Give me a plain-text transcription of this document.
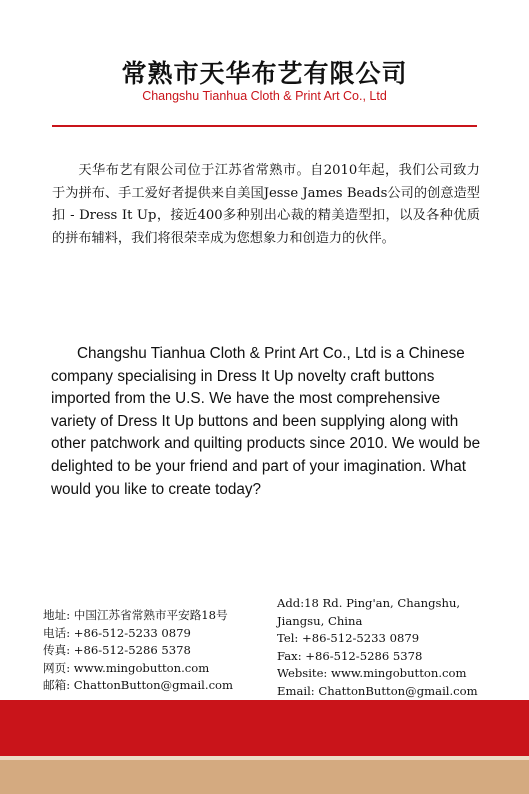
常熟市天华布艺有限公司
Changshu Tianhua Cloth & Print Art Co., Ltd

天华布艺有限公司位于江苏省常熟市。自2010年起，我们公司致力于为拼布、手工爱好者提供来自美国Jesse James Beads公司的创意造型扣 - Dress It Up，接近400多种别出心裁的精美造型扣，以及各种优质的拼布辅料，我们将很荣幸成为您想象力和创造力的伙伴。

Changshu Tianhua Cloth & Print Art Co., Ltd is a Chinese company specialising in Dress It Up novelty craft buttons imported from the U.S. We have the most comprehensive variety of Dress It Up buttons and been supplying along with other patchwork and quilting products since 2010. We would be delighted to be your friend and part of your imagination. What would you like to create today?

地址: 中国江苏省常熟市平安路18号
电话: +86-512-5233 0879
传真: +86-512-5286 5378
网页: www.mingobutton.com
邮箱: ChattonButton@gmail.com
Add:18 Rd. Ping'an, Changshu, Jiangsu, China
Tel: +86-512-5233 0879
Fax: +86-512-5286 5378
Website: www.mingobutton.com
Email: ChattonButton@gmail.com
